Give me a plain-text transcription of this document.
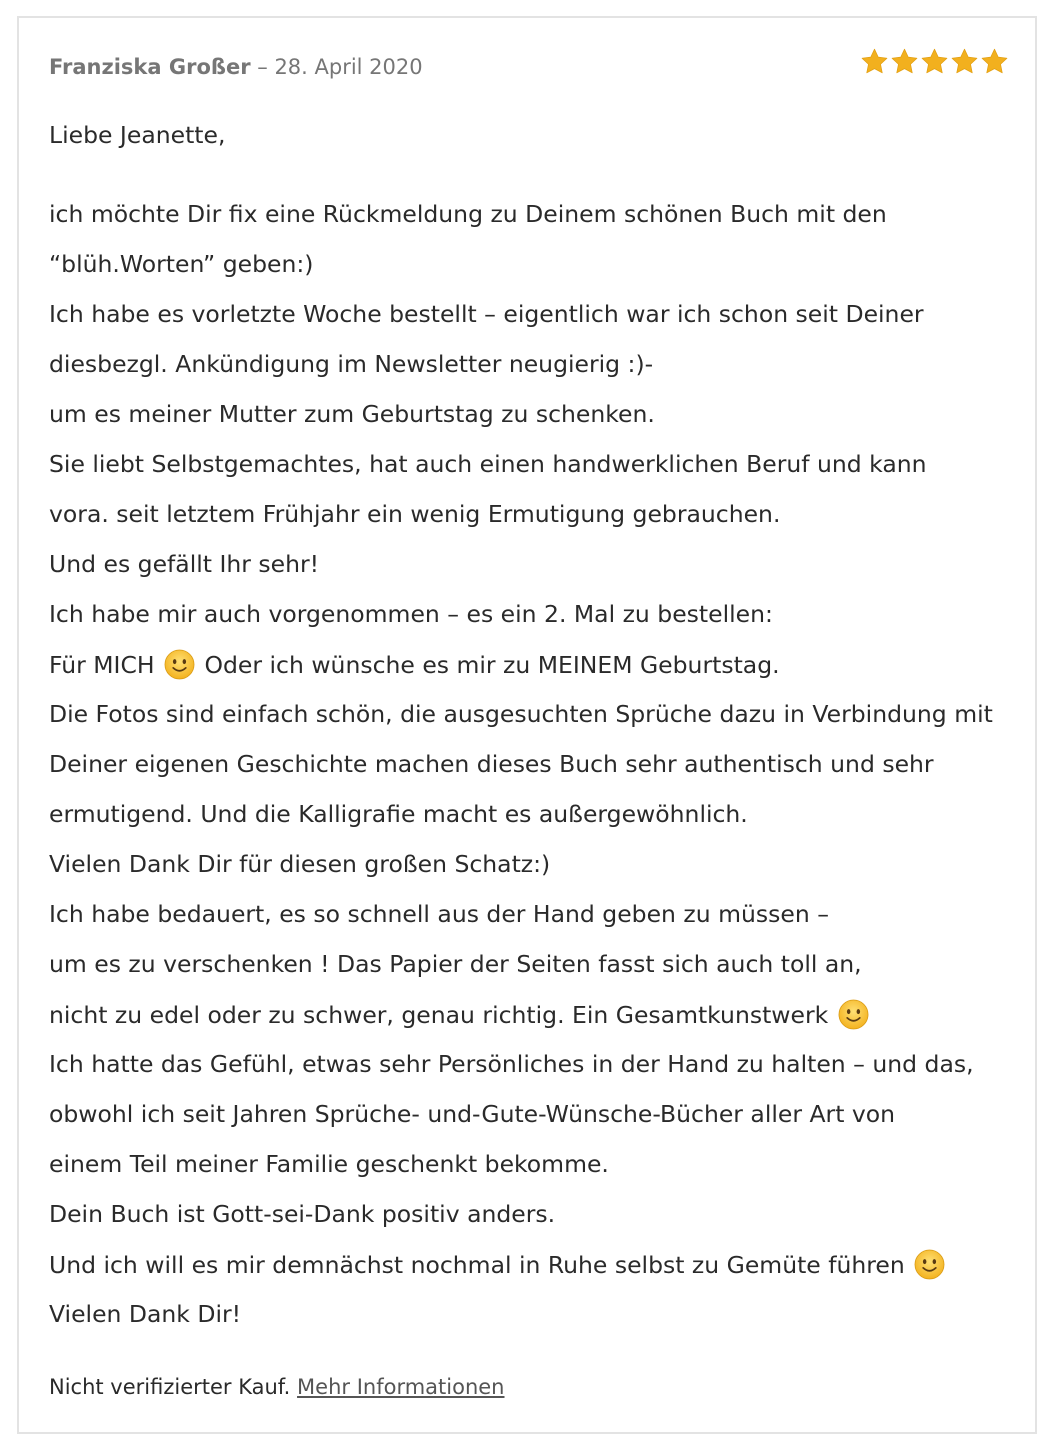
Franziska Großer – 28. April 2020
Liebe Jeanette,
ich möchte Dir fix eine Rückmeldung zu Deinem schönen Buch mit den
“blüh.Worten” geben:)
Ich habe es vorletzte Woche bestellt – eigentlich war ich schon seit Deiner
diesbezgl. Ankündigung im Newsletter neugierig :)-
um es meiner Mutter zum Geburtstag zu schenken.
Sie liebt Selbstgemachtes, hat auch einen handwerklichen Beruf und kann
vora. seit letztem Frühjahr ein wenig Ermutigung gebrauchen.
Und es gefällt Ihr sehr!
Ich habe mir auch vorgenommen – es ein 2. Mal zu bestellen:
Für MICH Oder ich wünsche es mir zu MEINEM Geburtstag.
Die Fotos sind einfach schön, die ausgesuchten Sprüche dazu in Verbindung mit
Deiner eigenen Geschichte machen dieses Buch sehr authentisch und sehr
ermutigend. Und die Kalligrafie macht es außergewöhnlich.
Vielen Dank Dir für diesen großen Schatz:)
Ich habe bedauert, es so schnell aus der Hand geben zu müssen –
um es zu verschenken ! Das Papier der Seiten fasst sich auch toll an,
nicht zu edel oder zu schwer, genau richtig. Ein Gesamtkunstwerk
Ich hatte das Gefühl, etwas sehr Persönliches in der Hand zu halten – und das,
obwohl ich seit Jahren Sprüche- und-Gute-Wünsche-Bücher aller Art von
einem Teil meiner Familie geschenkt bekomme.
Dein Buch ist Gott-sei-Dank positiv anders.
Und ich will es mir demnächst nochmal in Ruhe selbst zu Gemüte führen
Vielen Dank Dir!
Nicht verifizierter Kauf. Mehr Informationen
